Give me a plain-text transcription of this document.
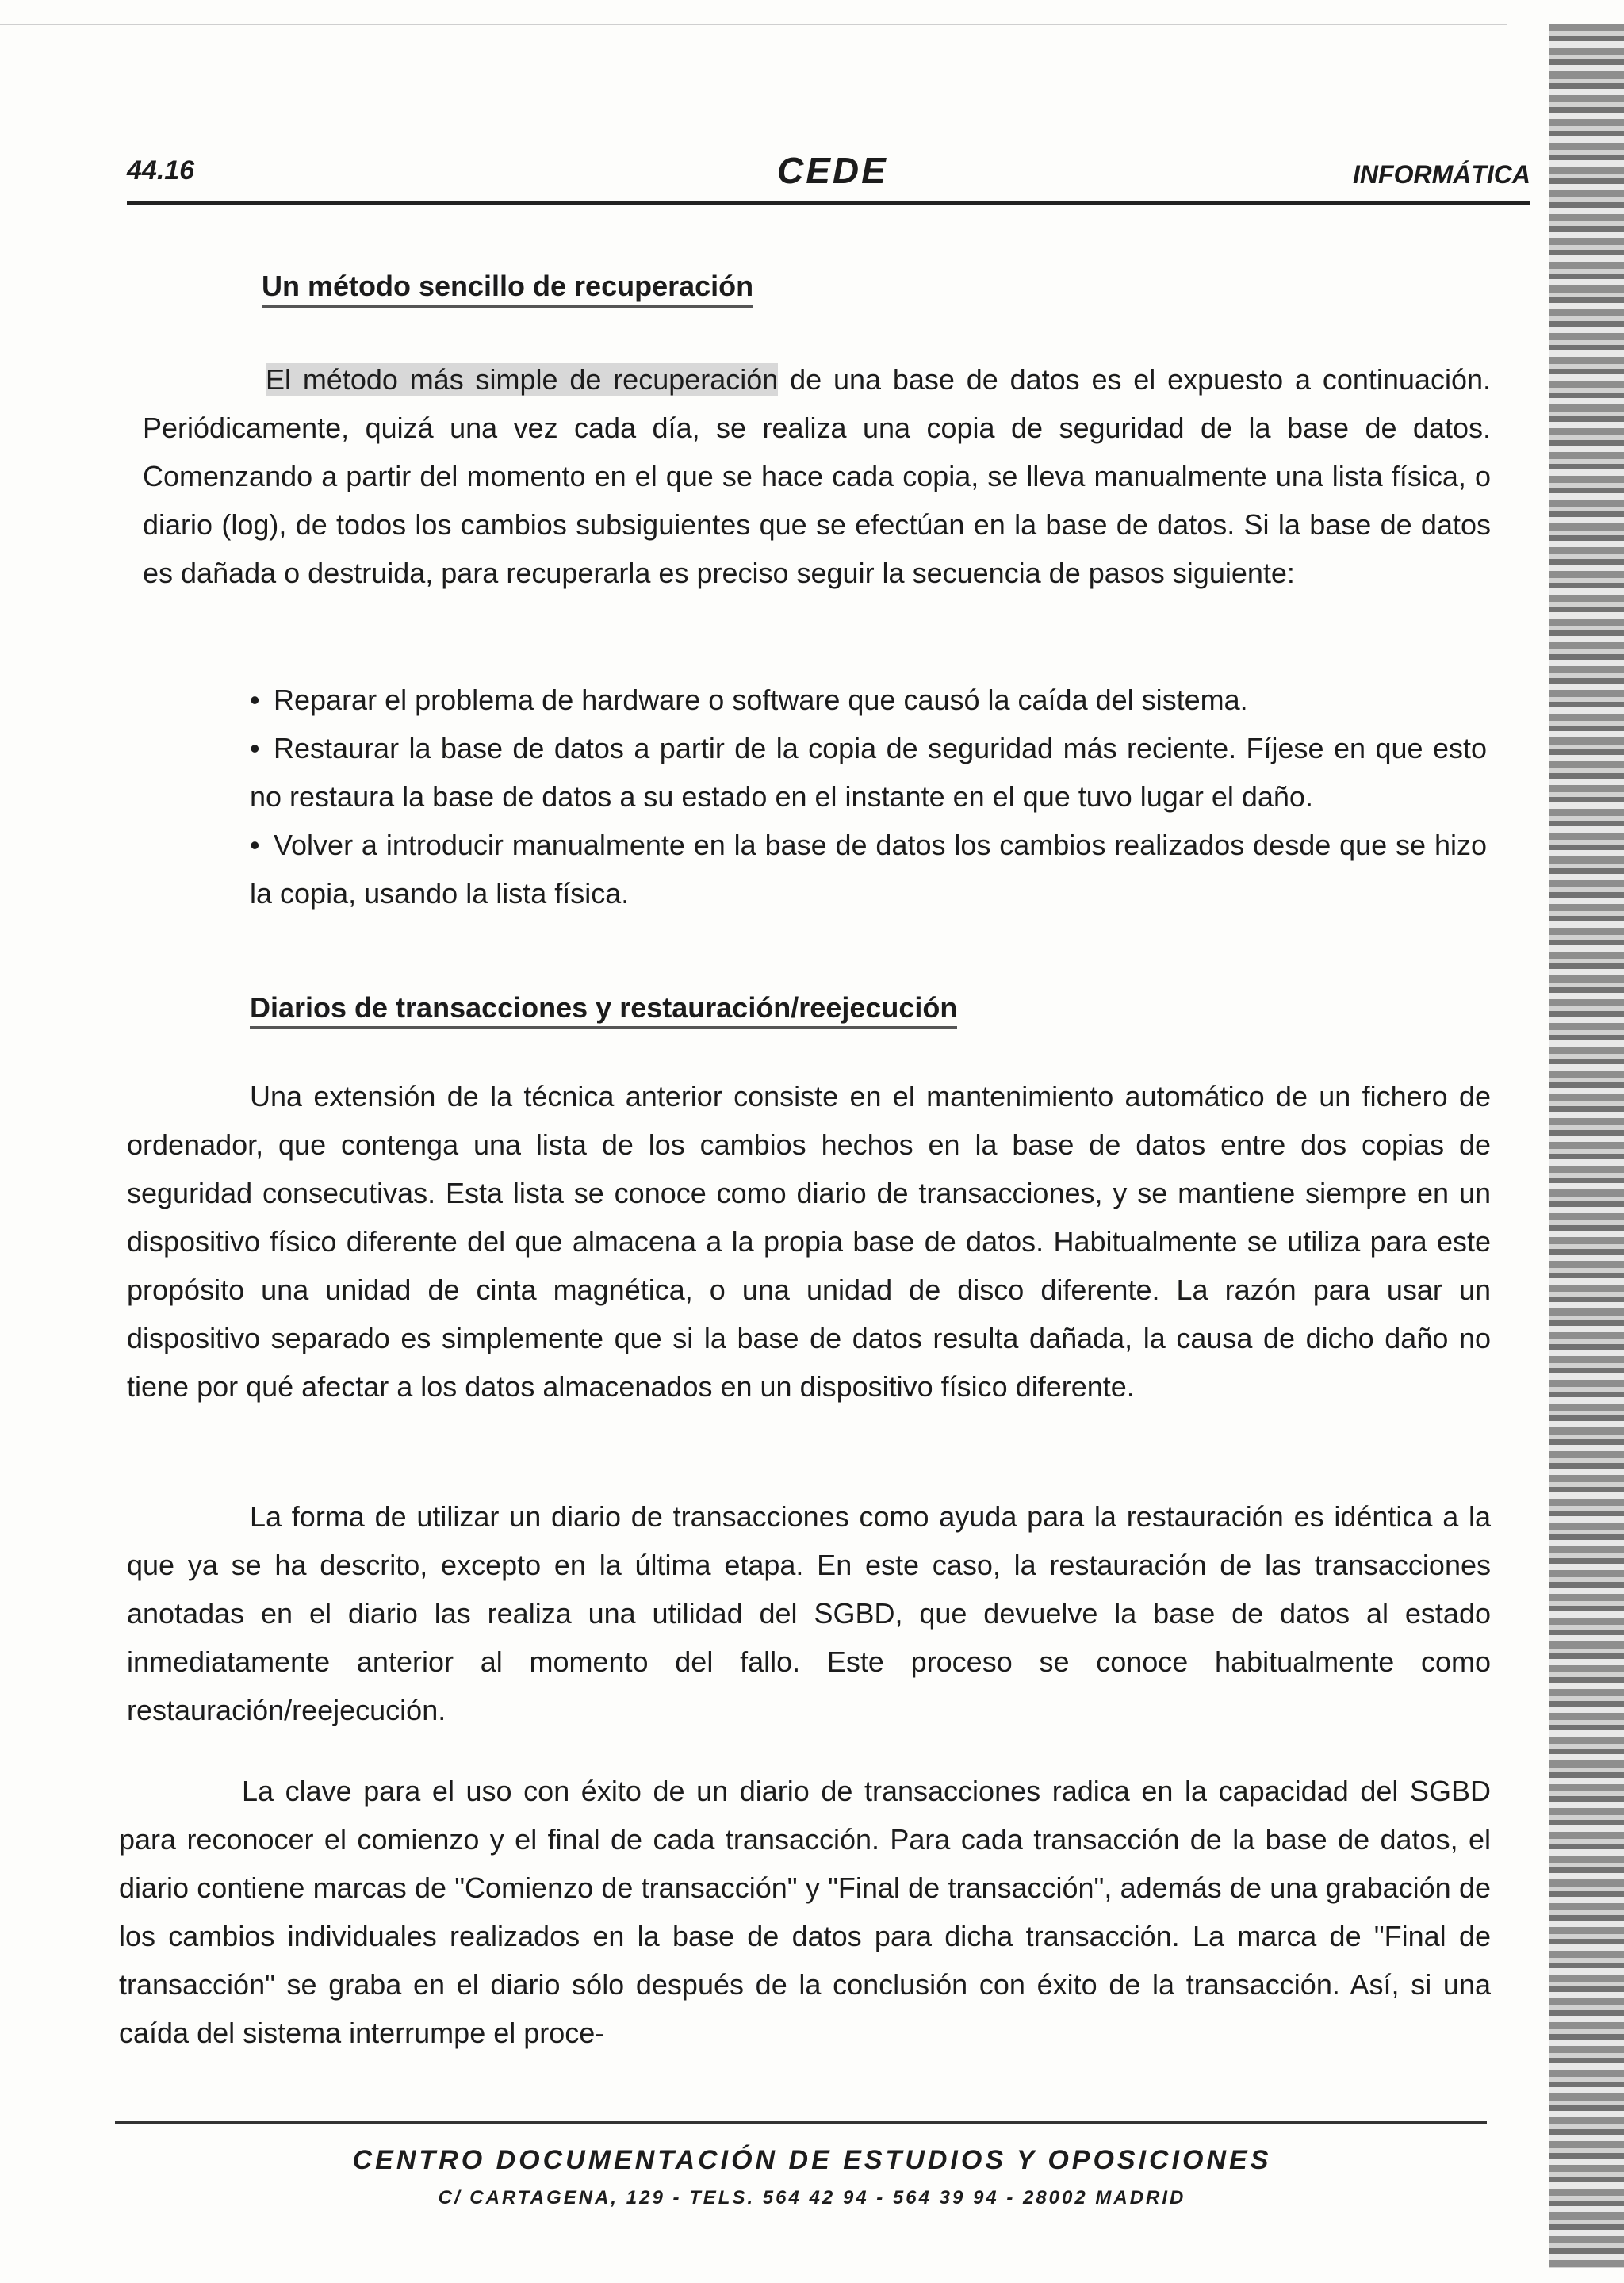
44.16	CEDE	INFORMÁTICA
Un método sencillo de recuperación

El método más simple de recuperación de una base de datos es el expuesto a continuación. Periódicamente, quizá una vez cada día, se realiza una copia de seguridad de la base de datos. Comenzando a partir del momento en el que se hace cada copia, se lleva manualmente una lista física, o diario (log), de todos los cambios subsiguientes que se efectúan en la base de datos. Si la base de datos es dañada o destruida, para recuperarla es preciso seguir la secuencia de pasos siguiente:

• Reparar el problema de hardware o software que causó la caída del sistema.

• Restaurar la base de datos a partir de la copia de seguridad más reciente. Fíjese en que esto no restaura la base de datos a su estado en el instante en el que tuvo lugar el daño.

• Volver a introducir manualmente en la base de datos los cambios realizados desde que se hizo la copia, usando la lista física.

Diarios de transacciones y restauración/reejecución

Una extensión de la técnica anterior consiste en el mantenimiento automático de un fichero de ordenador, que contenga una lista de los cambios hechos en la base de datos entre dos copias de seguridad consecutivas. Esta lista se conoce como diario de transacciones, y se mantiene siempre en un dispositivo físico diferente del que almacena a la propia base de datos. Habitualmente se utiliza para este propósito una unidad de cinta magnética, o una unidad de disco diferente. La razón para usar un dispositivo separado es simplemente que si la base de datos resulta dañada, la causa de dicho daño no tiene por qué afectar a los datos almacenados en un dispositivo físico diferente.

La forma de utilizar un diario de transacciones como ayuda para la restauración es idéntica a la que ya se ha descrito, excepto en la última etapa. En este caso, la restauración de las transacciones anotadas en el diario las realiza una utilidad del SGBD, que devuelve la base de datos al estado inmediatamente anterior al momento del fallo. Este proceso se conoce habitualmente como restauración/reejecución.

La clave para el uso con éxito de un diario de transacciones radica en la capacidad del SGBD para reconocer el comienzo y el final de cada transacción. Para cada transacción de la base de datos, el diario contiene marcas de "Comienzo de transacción" y "Final de transacción", además de una grabación de los cambios individuales realizados en la base de datos para dicha transacción. La marca de "Final de transacción" se graba en el diario sólo después de la conclusión con éxito de la transacción. Así, si una caída del sistema interrumpe el proce-

CENTRO DOCUMENTACIÓN DE ESTUDIOS Y OPOSICIONES
C/ CARTAGENA, 129 - TELS. 564 42 94 - 564 39 94 - 28002 MADRID
